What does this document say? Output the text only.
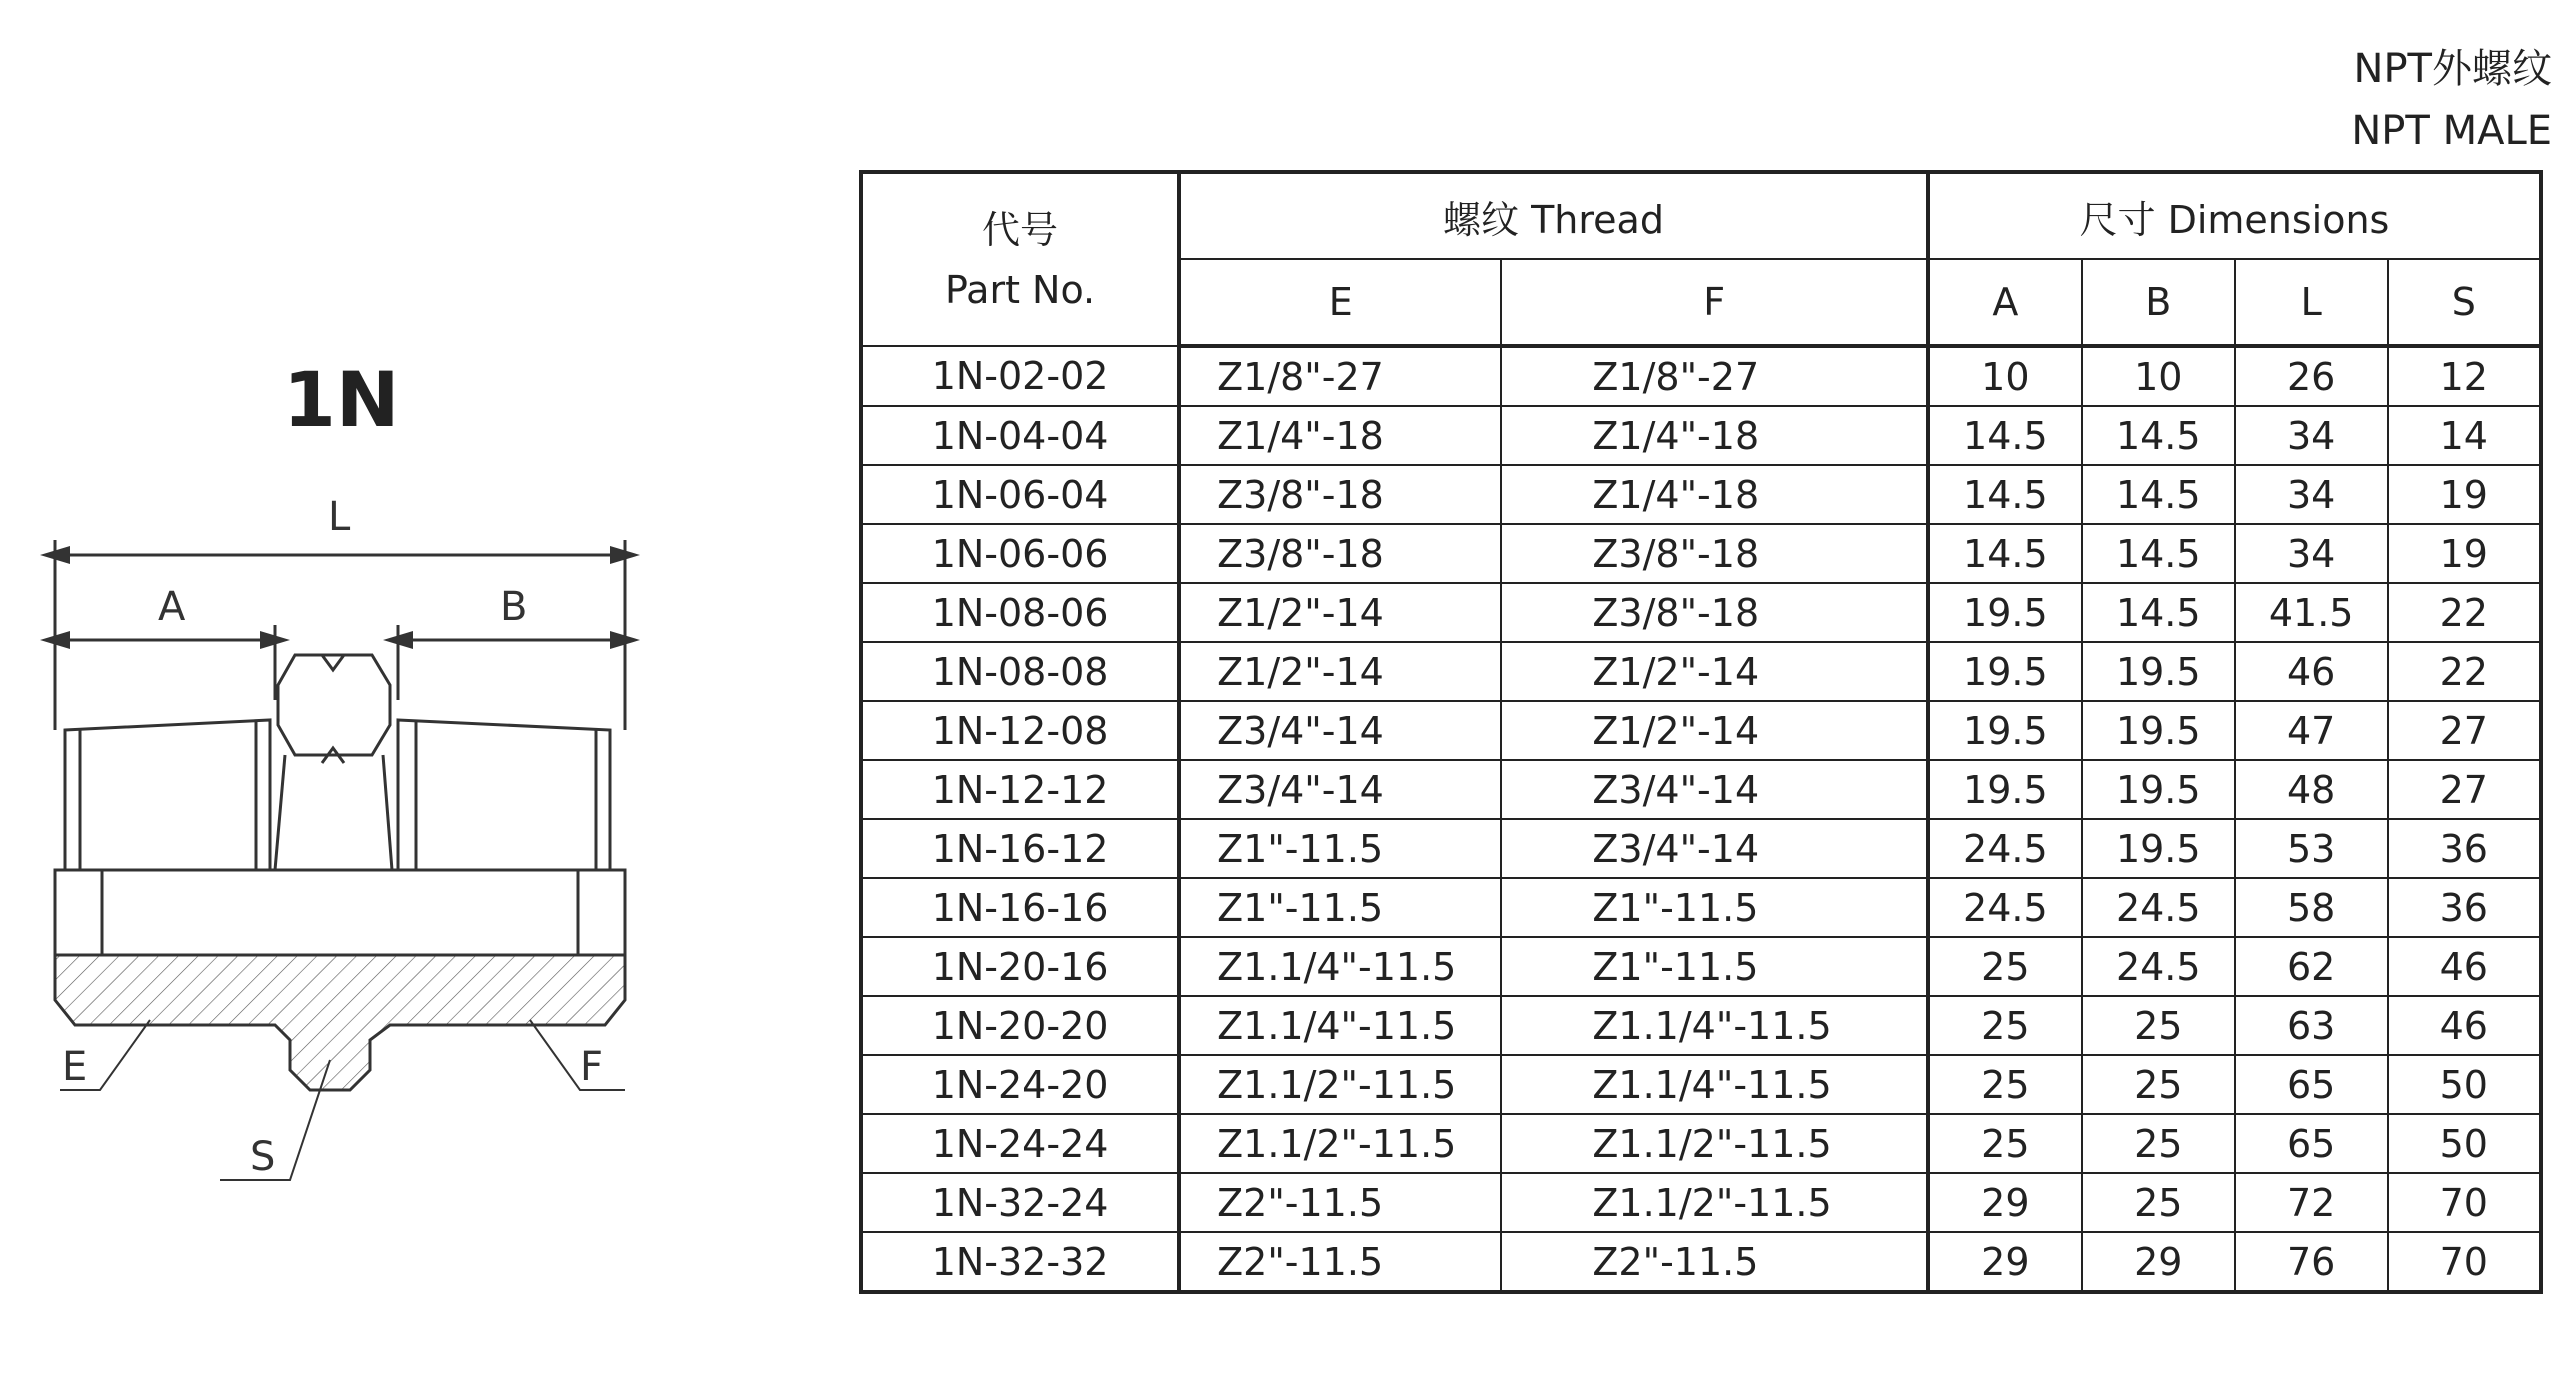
NPT外螺纹
NPT MALE
1N
L
A	B
E	F
S
代号
Part No.	螺纹 Thread		尺寸 Dimensions			
	E	F	A	B	L	S
1N-02-02	Z1/8"-27	Z1/8"-27	10	10	26	12
1N-04-04	Z1/4"-18	Z1/4"-18	14.5	14.5	34	14
1N-06-04	Z3/8"-18	Z1/4"-18	14.5	14.5	34	19
1N-06-06	Z3/8"-18	Z3/8"-18	14.5	14.5	34	19
1N-08-06	Z1/2"-14	Z3/8"-18	19.5	14.5	41.5	22
1N-08-08	Z1/2"-14	Z1/2"-14	19.5	19.5	46	22
1N-12-08	Z3/4"-14	Z1/2"-14	19.5	19.5	47	27
1N-12-12	Z3/4"-14	Z3/4"-14	19.5	19.5	48	27
1N-16-12	Z1"-11.5	Z3/4"-14	24.5	19.5	53	36
1N-16-16	Z1"-11.5	Z1"-11.5	24.5	24.5	58	36
1N-20-16	Z1.1/4"-11.5	Z1"-11.5	25	24.5	62	46
1N-20-20	Z1.1/4"-11.5	Z1.1/4"-11.5	25	25	63	46
1N-24-20	Z1.1/2"-11.5	Z1.1/4"-11.5	25	25	65	50
1N-24-24	Z1.1/2"-11.5	Z1.1/2"-11.5	25	25	65	50
1N-32-24	Z2"-11.5	Z1.1/2"-11.5	29	25	72	70
1N-32-32	Z2"-11.5	Z2"-11.5	29	29	76	70
